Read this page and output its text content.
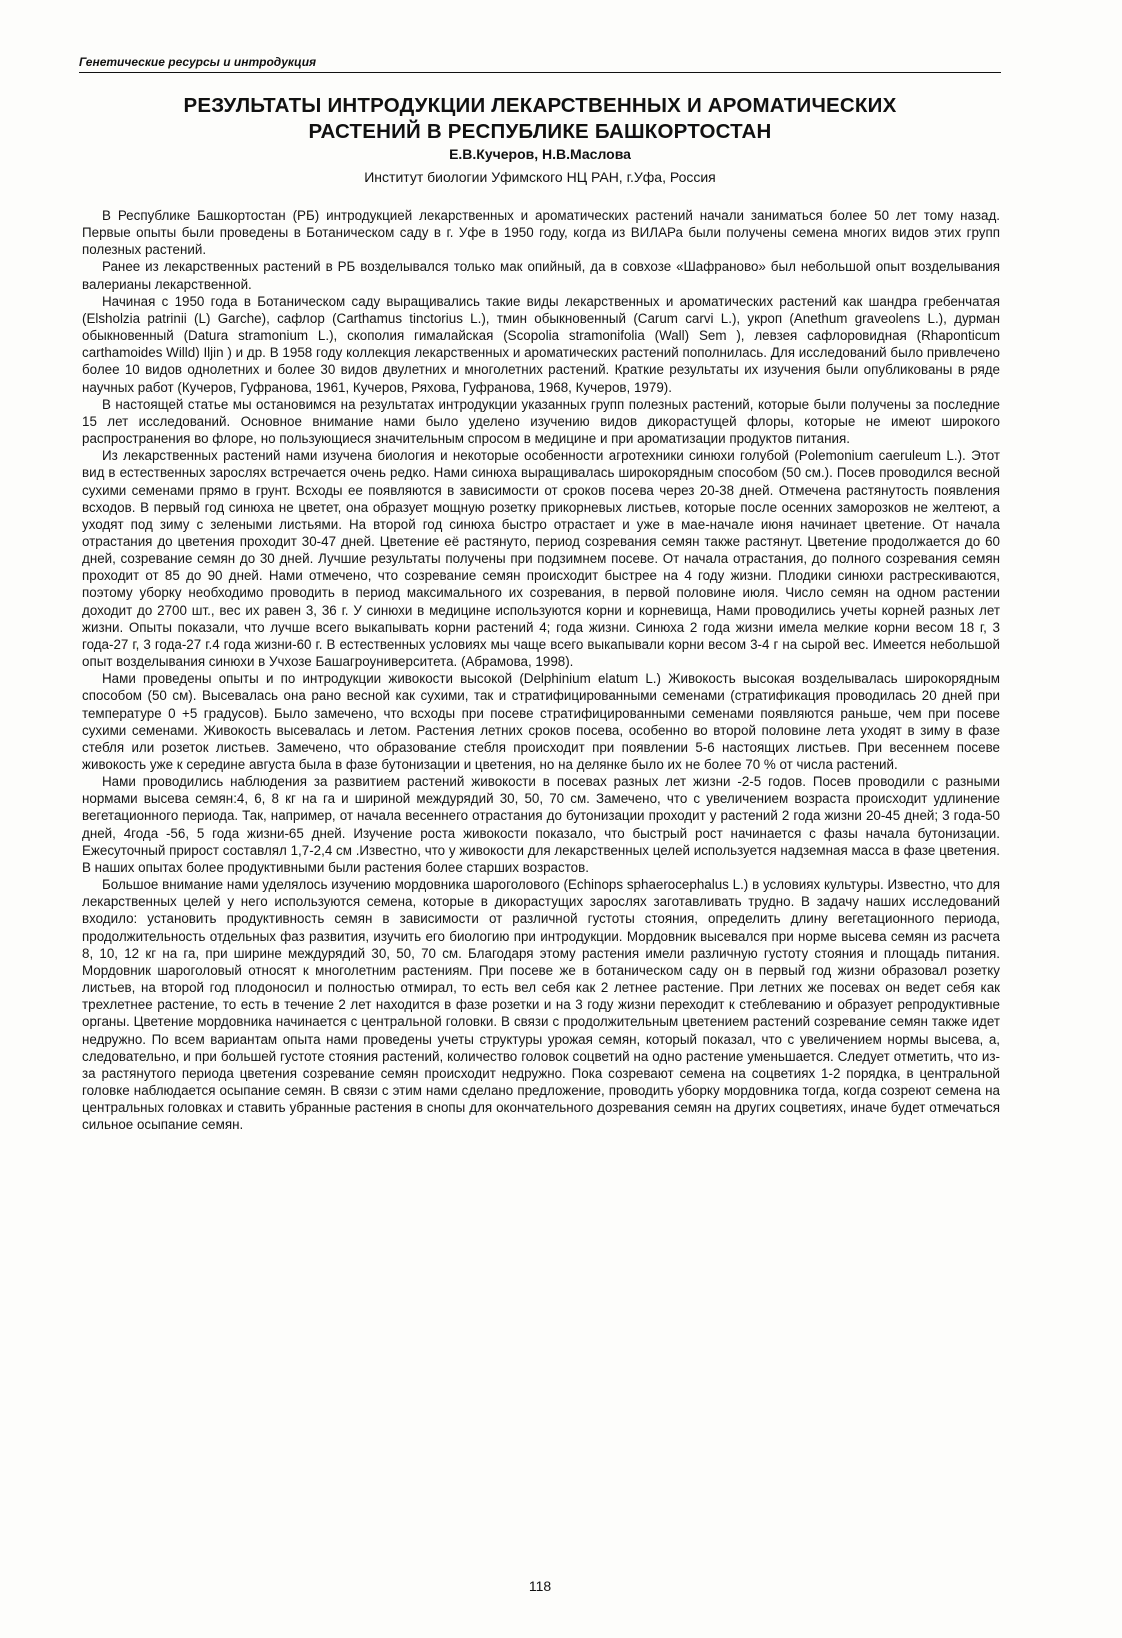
Генетические ресурсы и интродукция
РЕЗУЛЬТАТЫ ИНТРОДУКЦИИ ЛЕКАРСТВЕННЫХ И АРОМАТИЧЕСКИХ
РАСТЕНИЙ В РЕСПУБЛИКЕ БАШКОРТОСТАН
Е.В.Кучеров, Н.В.Маслова
Институт биологии Уфимского НЦ РАН, г.Уфа, Россия

В Республике Башкортостан (РБ) интродукцией лекарственных и ароматических растений начали заниматься более 50 лет тому назад. Первые опыты были проведены в Ботаническом саду в г. Уфе в 1950 году, когда из ВИЛАРа были получены семена многих видов этих групп полезных растений.

Ранее из лекарственных растений в РБ возделывался только мак опийный, да в совхозе «Шафраново» был небольшой опыт возделывания валерианы лекарственной.

Начиная с 1950 года в Ботаническом саду выращивались такие виды лекарственных и ароматических растений как шандра гребенчатая (Elsholzia patrinii (L) Garche), сафлор (Carthamus tinctorius L.), тмин обыкновенный (Carum carvi L.), укроп (Anethum graveolens L.), дурман обыкновенный (Datura stramonium L.), скополия гималайская (Scopolia stramonifolia (Wall) Sem ), левзея сафлоровидная (Rhaponticum carthamoides Willd) Iljin ) и др. В 1958 году коллекция лекарственных и ароматических растений пополнилась. Для исследований было привлечено более 10 видов однолетних и более 30 видов двулетних и многолетних растений. Краткие результаты их изучения были опубликованы в ряде научных работ (Кучеров, Гуфранова, 1961, Кучеров, Ряхова, Гуфранова, 1968, Кучеров, 1979).

В настоящей статье мы остановимся на результатах интродукции указанных групп полезных растений, которые были получены за последние 15 лет исследований. Основное внимание нами было уделено изучению видов дикорастущей флоры, которые не имеют широкого распространения во флоре, но пользующиеся значительным спросом в медицине и при ароматизации продуктов питания.

Из лекарственных растений нами изучена биология и некоторые особенности агротехники синюхи голубой (Polemonium caeruleum L.). Этот вид в естественных зарослях встречается очень редко. Нами синюха выращивалась широкорядным способом (50 см.). Посев проводился весной сухими семенами прямо в грунт. Всходы ее появляются в зависимости от сроков посева через 20-38 дней. Отмечена растянутость появления всходов. В первый год синюха не цветет, она образует мощную розетку прикорневых листьев, которые после осенних заморозков не желтеют, а уходят под зиму с зелеными листьями. На второй год синюха быстро отрастает и уже в мае-начале июня начинает цветение. От начала отрастания до цветения проходит 30-47 дней. Цветение её растянуто, период созревания семян также растянут. Цветение продолжается до 60 дней, созревание семян до 30 дней. Лучшие результаты получены при подзимнем посеве. От начала отрастания, до полного созревания семян проходит от 85 до 90 дней. Нами отмечено, что созревание семян происходит быстрее на 4 году жизни. Плодики синюхи растрескиваются, поэтому уборку необходимо проводить в период максимального их созревания, в первой половине июля. Число семян на одном растении доходит до 2700 шт., вес их равен 3, 36 г. У синюхи в медицине используются корни и корневища, Нами проводились учеты корней разных лет жизни. Опыты показали, что лучше всего выкапывать корни растений 4; года жизни. Синюха 2 года жизни имела мелкие корни весом 18 г, 3 года-27 г, 3 года-27 г.4 года жизни-60 г. В естественных условиях мы чаще всего выкапывали корни весом 3-4 г на сырой вес. Имеется небольшой опыт возделывания синюхи в Учхозе Башагроуниверситета. (Абрамова, 1998).

Нами проведены опыты и по интродукции живокости высокой (Delphinium elatum L.) Живокость высокая возделывалась широкорядным способом (50 см). Высевалась она рано весной как сухими, так и стратифицированными семенами (стратификация проводилась 20 дней при температуре 0 +5 градусов). Было замечено, что всходы при посеве стратифицированными семенами появляются раньше, чем при посеве сухими семенами. Живокость высевалась и летом. Растения летних сроков посева, особенно во второй половине лета уходят в зиму в фазе стебля или розеток листьев. Замечено, что образование стебля происходит при появлении 5-6 настоящих листьев. При весеннем посеве живокость уже к середине августа была в фазе бутонизации и цветения, но на делянке было их не более 70 % от числа растений.

Нами проводились наблюдения за развитием растений живокости в посевах разных лет жизни -2-5 годов. Посев проводили с разными нормами высева семян:4, 6, 8 кг на га и шириной междурядий 30, 50, 70 см. Замечено, что с увеличением возраста происходит удлинение вегетационного периода. Так, например, от начала весеннего отрастания до бутонизации проходит у растений 2 года жизни 20-45 дней; 3 года-50 дней, 4года -56, 5 года жизни-65 дней. Изучение роста живокости показало, что быстрый рост начинается с фазы начала бутонизации. Ежесуточный прирост составлял 1,7-2,4 см .Известно, что у живокости для лекарственных целей используется надземная масса в фазе цветения. В наших опытах более продуктивными были растения более старших возрастов.

Большое внимание нами уделялось изучению мордовника шароголового (Echinops sphaerocephalus L.) в условиях культуры. Известно, что для лекарственных целей у него используются семена, которые в дикорастущих зарослях заготавливать трудно. В задачу наших исследований входило: установить продуктивность семян в зависимости от различной густоты стояния, определить длину вегетационного периода, продолжительность отдельных фаз развития, изучить его биологию при интродукции. Мордовник высевался при норме высева семян из расчета 8, 10, 12 кг на га, при ширине междурядий 30, 50, 70 см. Благодаря этому растения имели различную густоту стояния и площадь питания. Мордовник шароголовый относят к многолетним растениям. При посеве же в ботаническом саду он в первый год жизни образовал розетку листьев, на второй год плодоносил и полностью отмирал, то есть вел себя как 2 летнее растение. При летних же посевах он ведет себя как трехлетнее растение, то есть в течение 2 лет находится в фазе розетки и на 3 году жизни переходит к стеблеванию и образует репродуктивные органы. Цветение мордовника начинается с центральной головки. В связи с продолжительным цветением растений созревание семян также идет недружно. По всем вариантам опыта нами проведены учеты структуры урожая семян, который показал, что с увеличением нормы высева, а, следовательно, и при большей густоте стояния растений, количество головок соцветий на одно растение уменьшается. Следует отметить, что из-за растянутого периода цветения созревание семян происходит недружно. Пока созревают семена на соцветиях 1-2 порядка, в центральной головке наблюдается осыпание семян. В связи с этим нами сделано предложение, проводить уборку мордовника тогда, когда созреют семена на центральных головках и ставить убранные растения в снопы для окончательного дозревания семян на других соцветиях, иначе будет отмечаться сильное осыпание семян.

118
